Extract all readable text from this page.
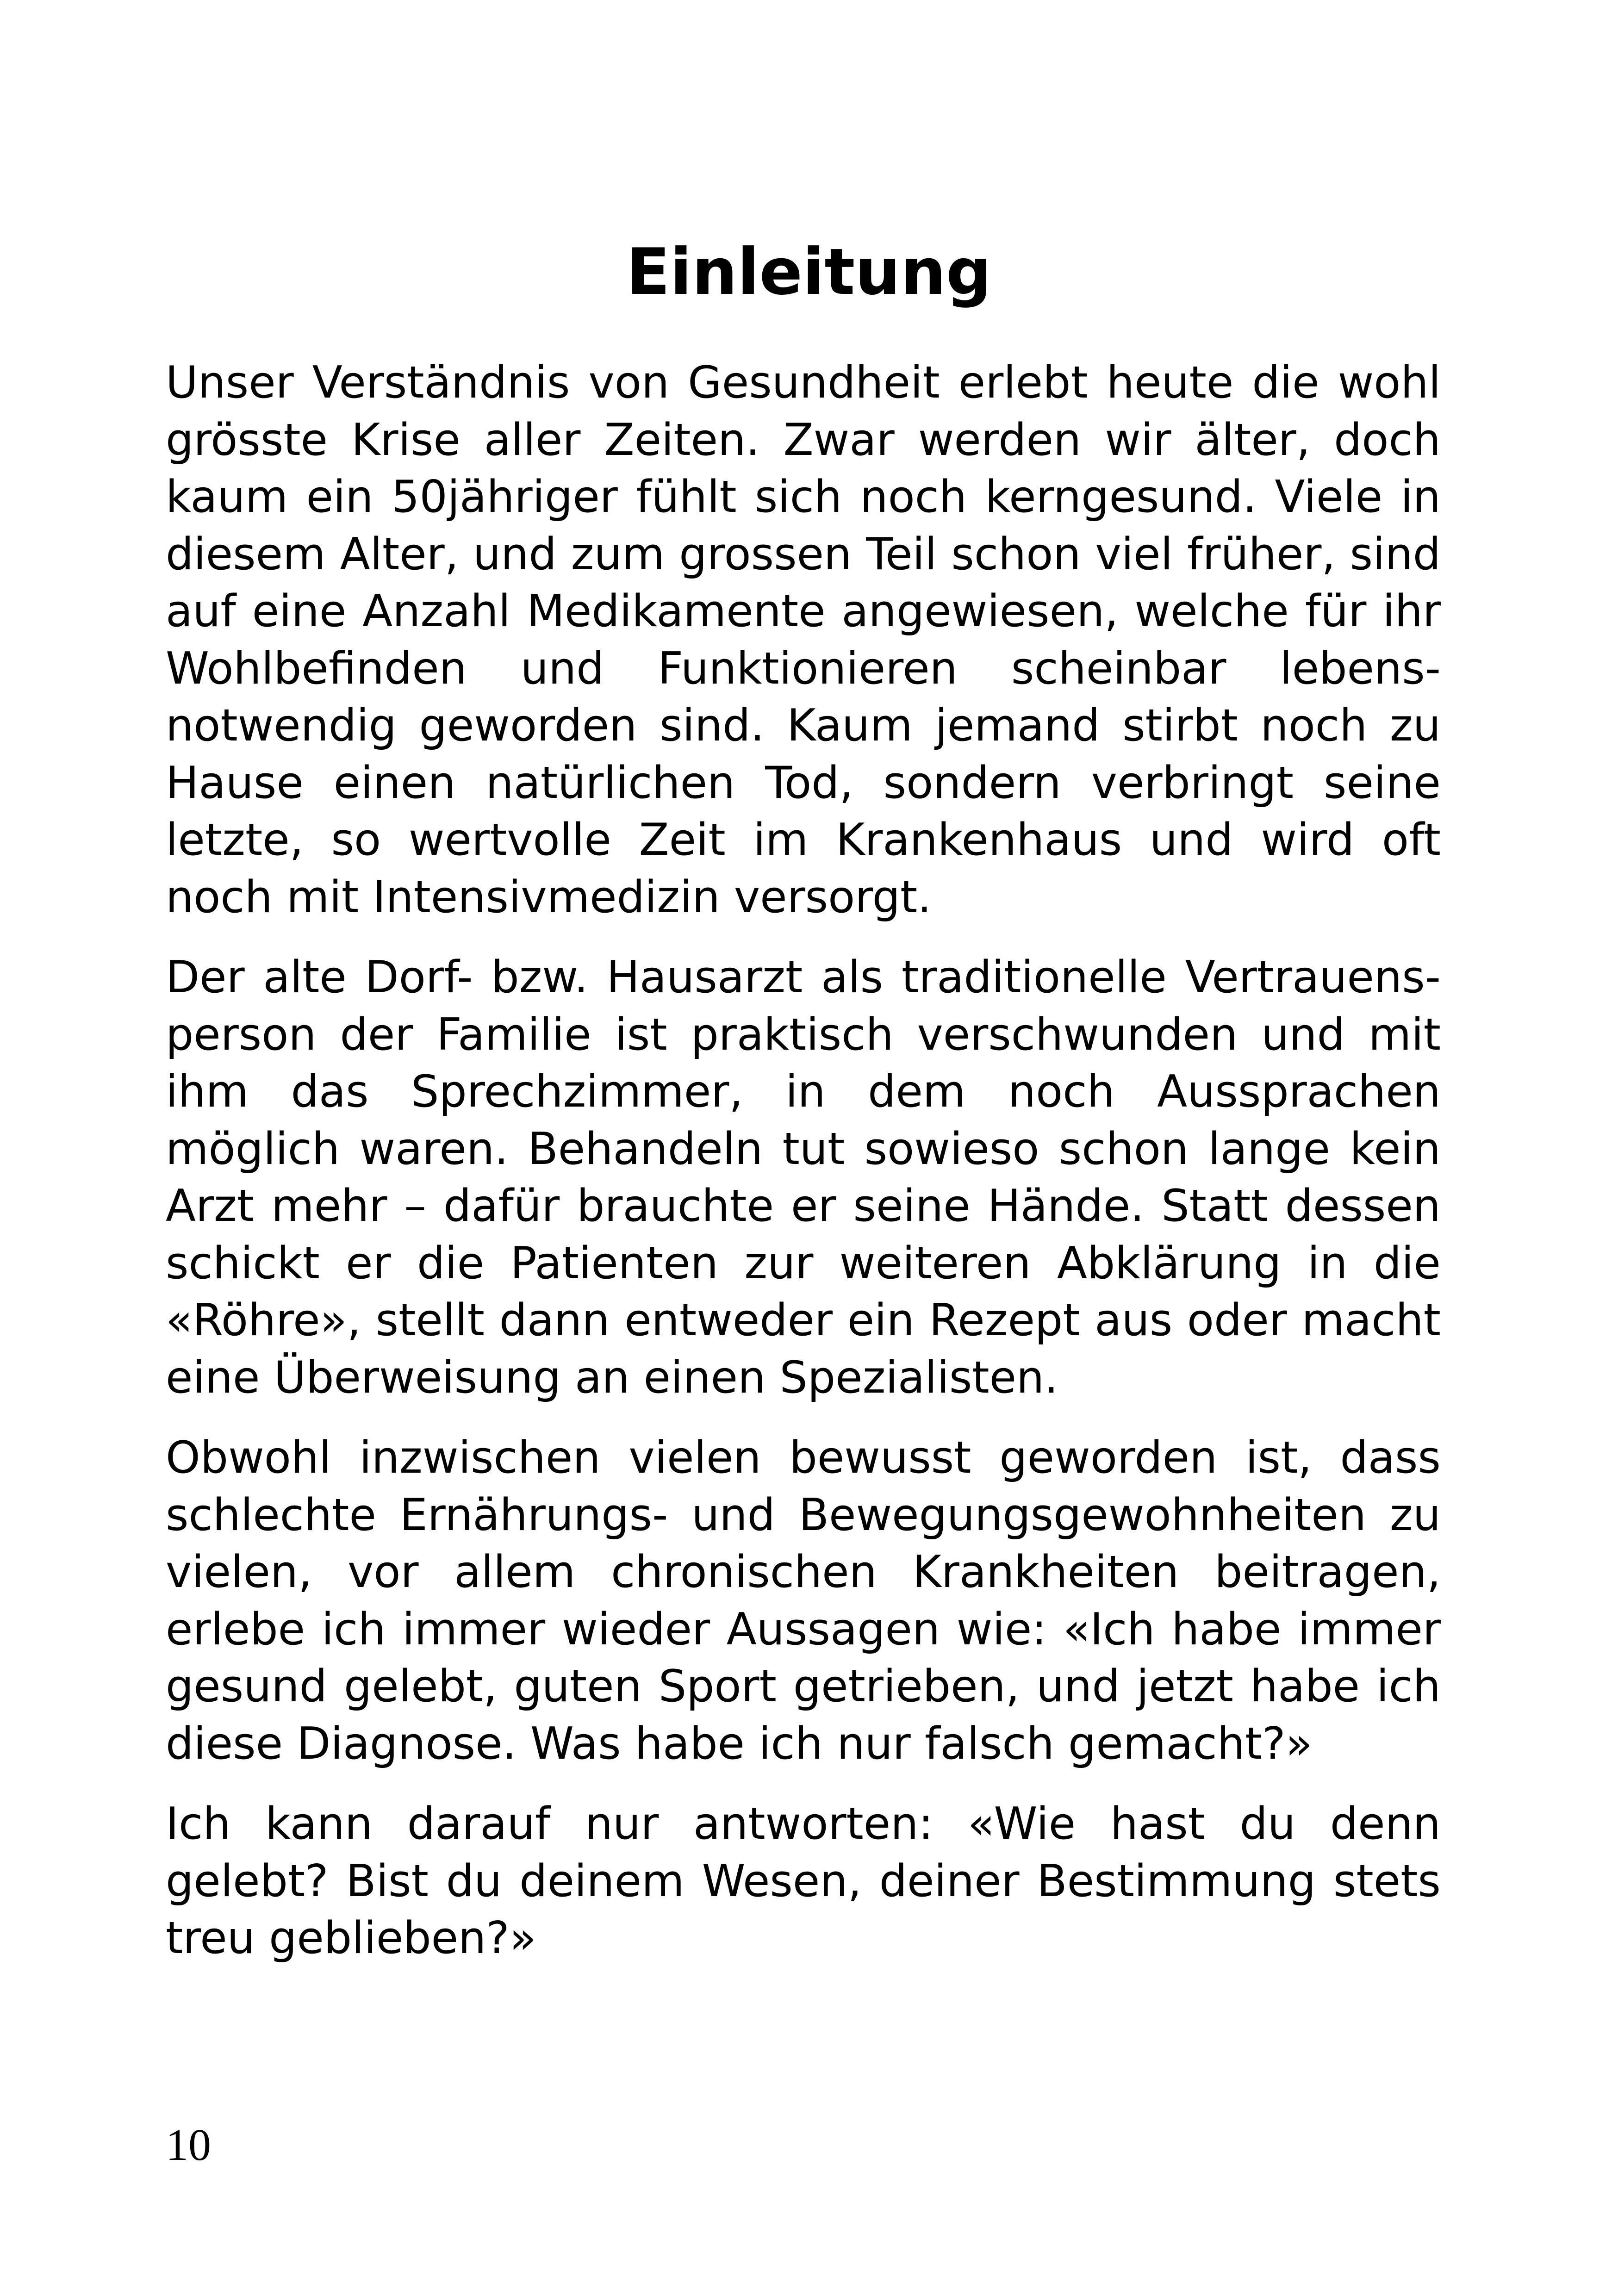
Einleitung

Unser Verständnis von Gesundheit erlebt heute die wohl grösste Krise aller Zeiten. Zwar werden wir älter, doch kaum ein 50jähriger fühlt sich noch kerngesund. Viele in diesem Alter, und zum grossen Teil schon viel früher, sind auf eine Anzahl Medikamente angewiesen, welche für ihr Wohlbefinden und Funktionieren scheinbar lebensnotwendig geworden sind. Kaum jemand stirbt noch zu Hause einen natürlichen Tod, sondern verbringt seine letzte, so wertvolle Zeit im Krankenhaus und wird oft noch mit Intensivmedizin versorgt.

Der alte Dorf- bzw. Hausarzt als traditionelle Vertrauensperson der Familie ist praktisch verschwunden und mit ihm das Sprechzimmer, in dem noch Aussprachen möglich waren. Behandeln tut sowieso schon lange kein Arzt mehr – dafür brauchte er seine Hände. Statt dessen schickt er die Patienten zur weiteren Abklärung in die «Röhre», stellt dann entweder ein Rezept aus oder macht eine Überweisung an einen Spezialisten.

Obwohl inzwischen vielen bewusst geworden ist, dass schlechte Ernährungs- und Bewegungsgewohnheiten zu vielen, vor allem chronischen Krankheiten beitragen, erlebe ich immer wieder Aussagen wie: «Ich habe immer gesund gelebt, guten Sport getrieben, und jetzt habe ich diese Diagnose. Was habe ich nur falsch gemacht?»

Ich kann darauf nur antworten: «Wie hast du denn gelebt? Bist du deinem Wesen, deiner Bestimmung stets treu geblieben?»

10
